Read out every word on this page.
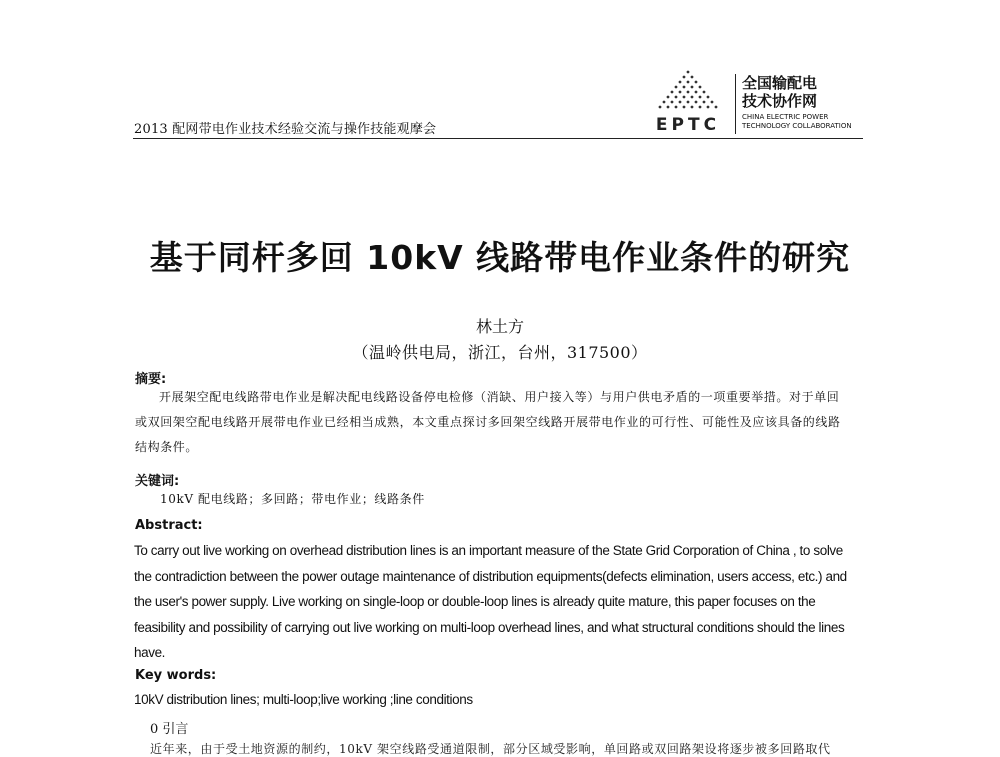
2013 配网带电作业技术经验交流与操作技能观摩会	EPTC
全国输配电
技术协作网
CHINA ELECTRIC POWER
TECHNOLOGY COLLABORATION
基于同杆多回 10kV 线路带电作业条件的研究
林土方
（温岭供电局，浙江，台州，317500）
摘要:

开展架空配电线路带电作业是解决配电线路设备停电检修（消缺、用户接入等）与用户供电矛盾的一项重要举措。对于单回或双回架空配电线路开展带电作业已经相当成熟，本文重点探讨多回架空线路开展带电作业的可行性、可能性及应该具备的线路结构条件。

关键词:
10kV 配电线路；多回路；带电作业；线路条件
Abstract:
To carry out live working on overhead distribution lines is an important measure of the State Grid Corporation of China , to solve the contradiction between the power outage maintenance of distribution equipments(defects elimination, users access, etc.) and the user's power supply. Live working on single-loop or double-loop lines is already quite mature, this paper focuses on the feasibility and possibility of carrying out live working on multi-loop overhead lines, and what structural conditions should the lines have.
Key words:
10kV distribution lines; multi-loop;live working ;line conditions
0 引言
近年来，由于受土地资源的制约，10kV 架空线路受通道限制，部分区域受影响，单回路或双回路架设将逐步被多回路取代
